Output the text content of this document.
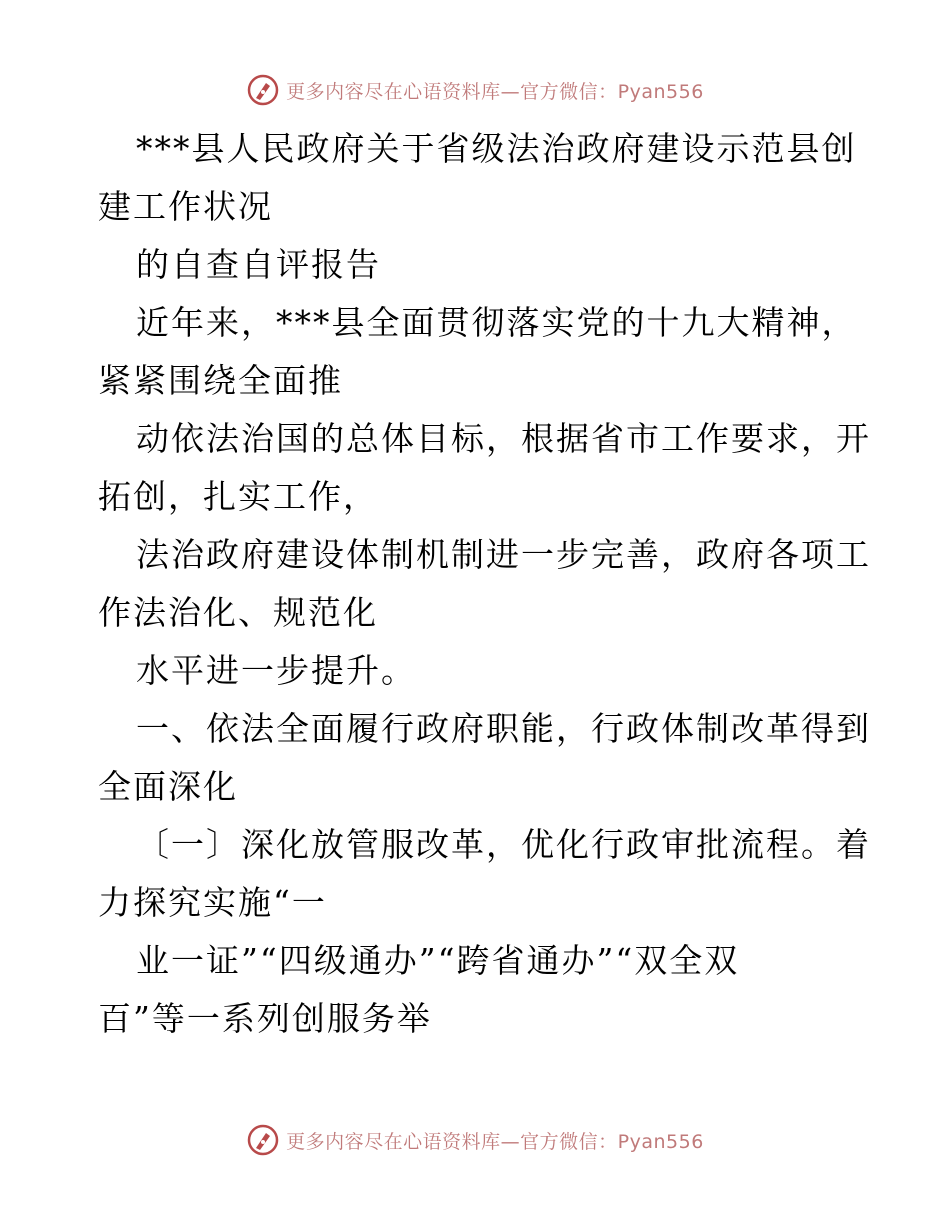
更多内容尽在心语资料库—官方微信：Pyan556
***县人民政府关于省级法治政府建设示范县创
建工作状况
的自查自评报告
近年来，***县全面贯彻落实党的十九大精神，
紧紧围绕全面推
动依法治国的总体目标，根据省市工作要求，开
拓创，扎实工作，
法治政府建设体制机制进一步完善，政府各项工
作法治化、规范化
水平进一步提升。
一、依法全面履行政府职能，行政体制改革得到
全面深化
〔一〕深化放管服改革，优化行政审批流程。着
力探究实施“一
业一证”“四级通办”“跨省通办”“双全双
百”等一系列创服务举
更多内容尽在心语资料库—官方微信：Pyan556
